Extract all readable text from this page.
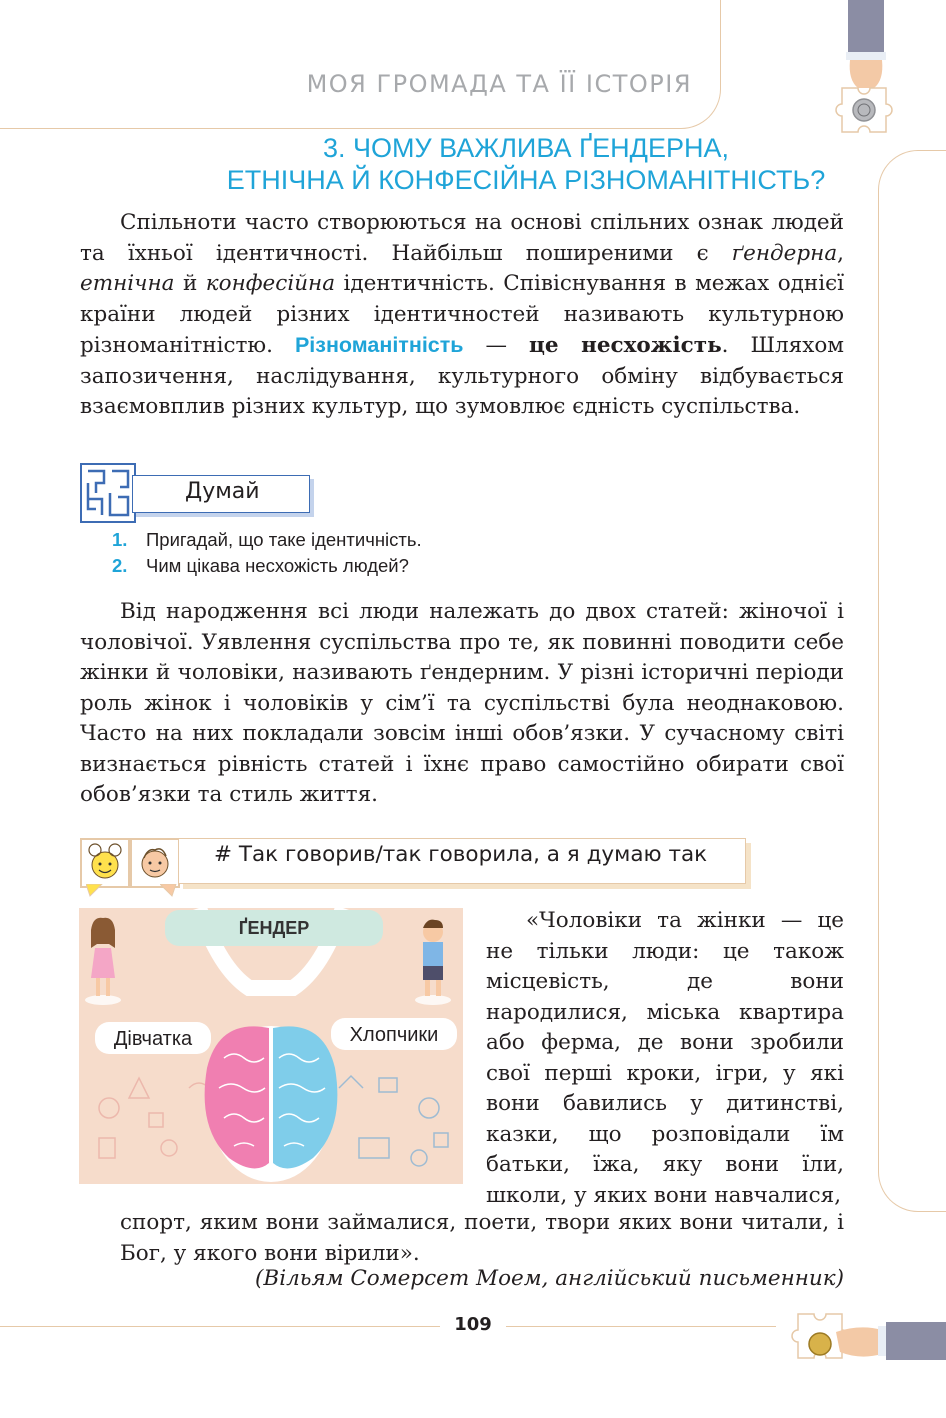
МОЯ ГРОМАДА ТА ЇЇ ІСТОРІЯ
3. ЧОМУ ВАЖЛИВА ҐЕНДЕРНА,
ЕТНІЧНА Й КОНФЕСІЙНА РІЗНОМАНІТНІСТЬ?

Спільноти часто створюються на основі спільних ознак людей та їхньої ідентичності. Найбільш поширеними є ґендерна, етнічна й конфесійна ідентичність. Співіснування в межах однієї країни людей різних ідентичностей називають культурною різноманітністю. Різноманітність — це несхожість. Шляхом запозичення, наслідування, культурного обміну відбувається взаємовплив різних культур, що зумовлює єдність суспільства.

Думай
1. Пригадай, що таке ідентичність.
2. Чим цікава несхожість людей?

Від народження всі люди належать до двох статей: жіночої і чоловічої. Уявлення суспільства про те, як повинні поводити себе жінки й чоловіки, називають ґендерним. У різні історичні періоди роль жінок і чоловіків у сім’ї та суспільстві була неоднаковою. Часто на них покладали зовсім інші обов’язки. У сучасному світі визнається рівність статей і їхнє право самостійно обирати свої обов’язки та стиль життя.

# Так говорив/так говорила, а я думаю так
ҐЕНДЕР
Дівчатка	Хлопчики

«Чоловіки та жінки — це не тільки люди: це також місцевість, де вони народилися, міська квартира або ферма, де вони зробили свої перші кроки, ігри, у які вони бавились у дитинстві, казки, що розповідали їм батьки, їжа, яку вони їли, школи, у яких вони навчалися,

спорт, яким вони займалися, поети, твори яких вони читали, і Бог, у якого вони вірили».

(Вільям Сомерсет Моем, англійський письменник)
109
